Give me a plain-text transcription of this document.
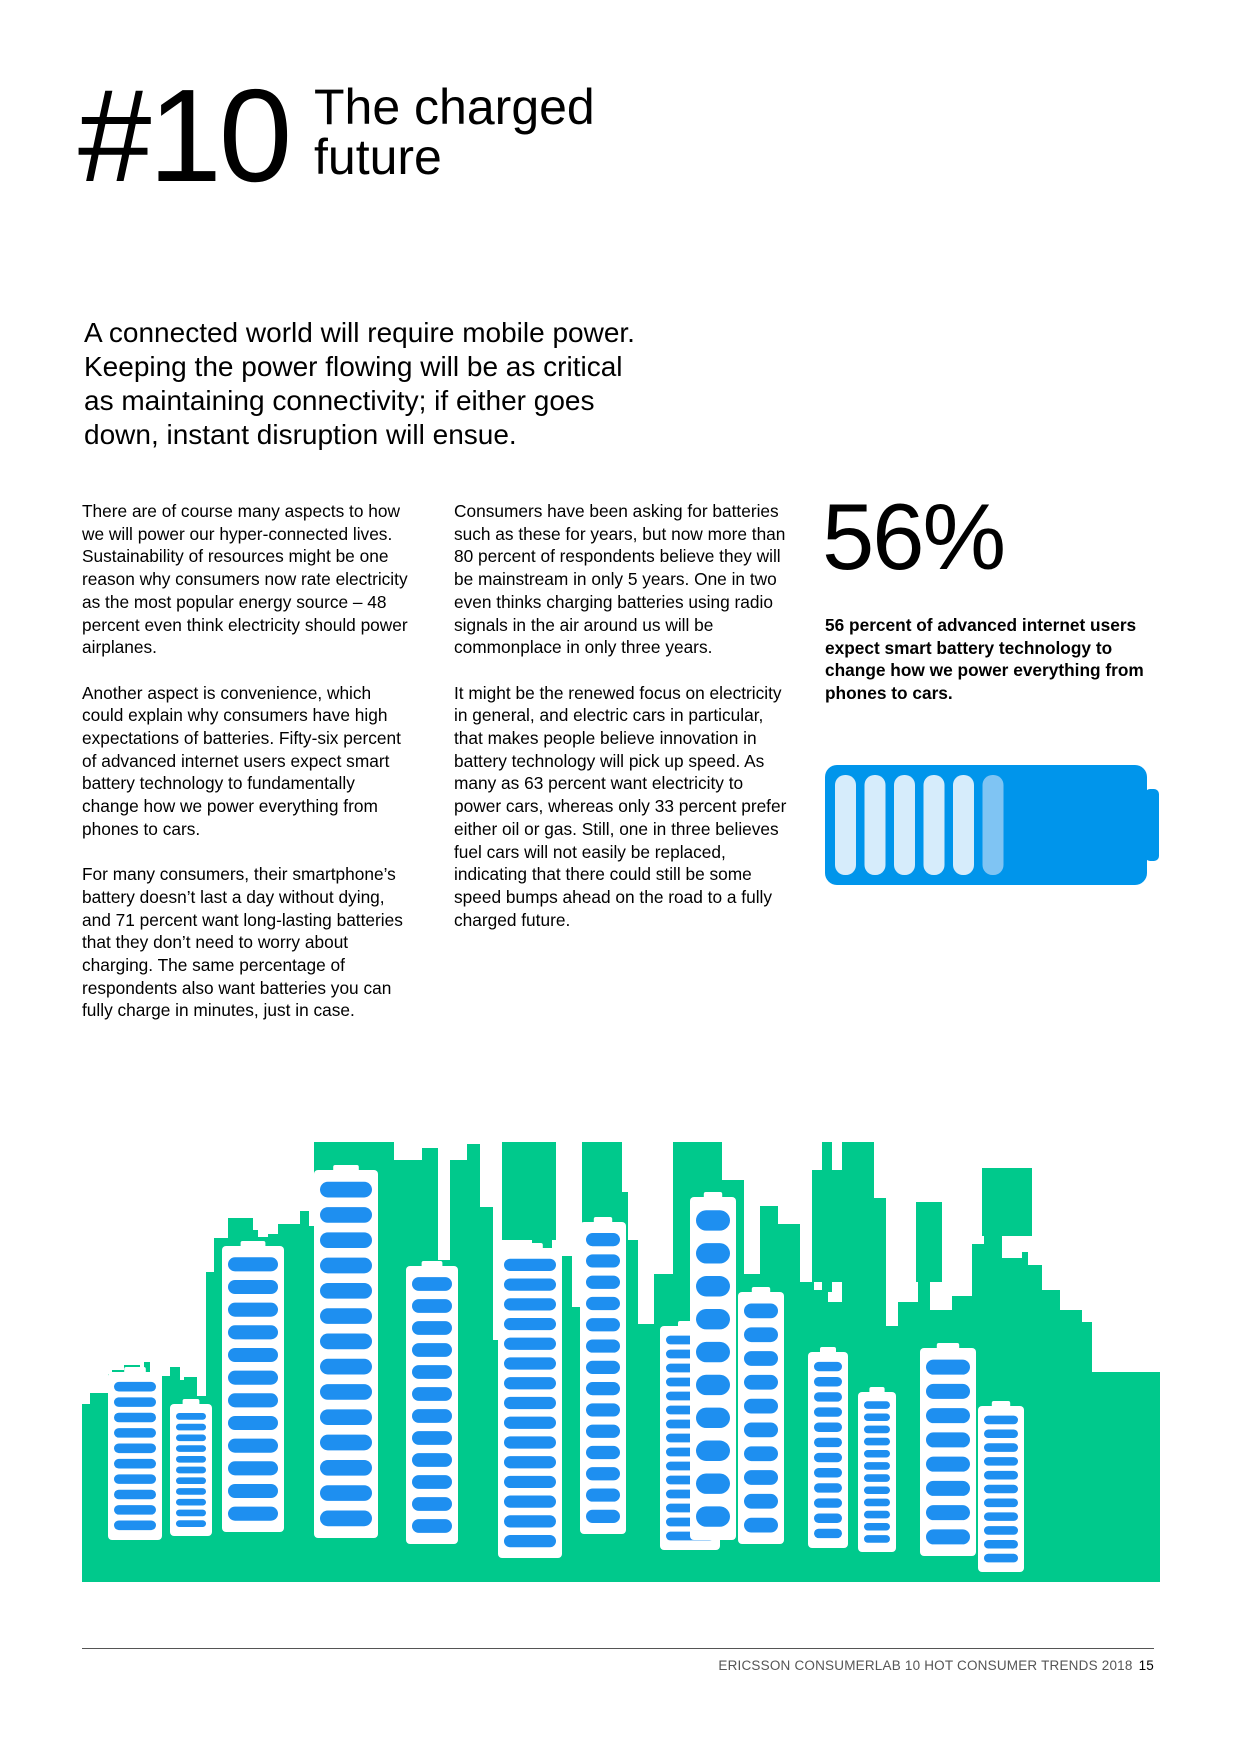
#10 The charged
future
A connected world will require mobile power.
Keeping the power flowing will be as critical
as maintaining connectivity; if either goes
down, instant disruption will ensue.

There are of course many aspects to how we will power our hyper-connected lives. Sustainability of resources might be one reason why consumers now rate electricity as the most popular energy source – 48 percent even think electricity should power airplanes.

Another aspect is convenience, which could explain why consumers have high expectations of batteries. Fifty-six percent of advanced internet users expect smart battery technology to fundamentally change how we power everything from phones to cars.

For many consumers, their smartphone’s battery doesn’t last a day without dying, and 71 percent want long-lasting batteries that they don’t need to worry about charging. The same percentage of respondents also want batteries you can fully charge in minutes, just in case.

Consumers have been asking for batteries such as these for years, but now more than 80 percent of respondents believe they will be mainstream in only 5 years. One in two even thinks charging batteries using radio signals in the air around us will be commonplace in only three years.

It might be the renewed focus on electricity in general, and electric cars in particular, that makes people believe innovation in battery technology will pick up speed. As many as 63 percent want electricity to power cars, whereas only 33 percent prefer either oil or gas. Still, one in three believes fuel cars will not easily be replaced, indicating that there could still be some speed bumps ahead on the road to a fully charged future.

56%
56 percent of advanced internet users expect smart battery technology to change how we power everything from phones to cars.
ERICSSON CONSUMERLAB 10 HOT CONSUMER TRENDS 2018 15
